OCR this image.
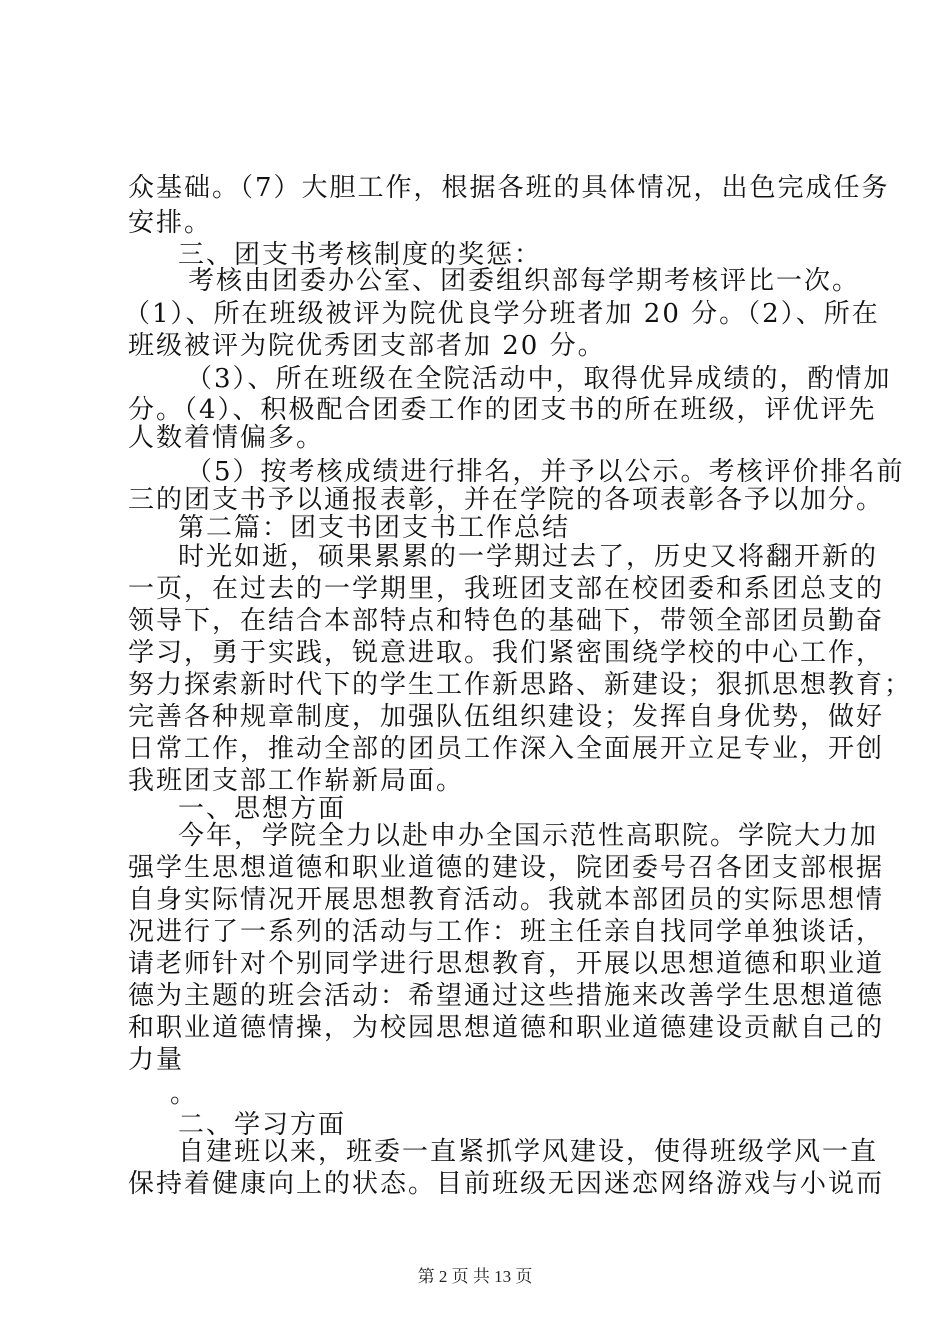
众基础。（7）大胆工作，根据各班的具体情况，出色完成任务
安排。
三、团支书考核制度的奖惩：
考核由团委办公室、团委组织部每学期考核评比一次。
（1）、所在班级被评为院优良学分班者加 20 分。（2）、所在
班级被评为院优秀团支部者加 20 分。
（3）、所在班级在全院活动中，取得优异成绩的，酌情加
分。（4）、积极配合团委工作的团支书的所在班级，评优评先
人数着情偏多。
（5）按考核成绩进行排名，并予以公示。考核评价排名前
三的团支书予以通报表彰，并在学院的各项表彰各予以加分。
第二篇：团支书团支书工作总结
时光如逝，硕果累累的一学期过去了，历史又将翻开新的
一页，在过去的一学期里，我班团支部在校团委和系团总支的
领导下，在结合本部特点和特色的基础下，带领全部团员勤奋
学习，勇于实践，锐意进取。我们紧密围绕学校的中心工作，
努力探索新时代下的学生工作新思路、新建设；狠抓思想教育；
完善各种规章制度，加强队伍组织建设；发挥自身优势，做好
日常工作，推动全部的团员工作深入全面展开立足专业，开创
我班团支部工作崭新局面。
一、思想方面
今年，学院全力以赴申办全国示范性高职院。学院大力加
强学生思想道德和职业道德的建设，院团委号召各团支部根据
自身实际情况开展思想教育活动。我就本部团员的实际思想情
况进行了一系列的活动与工作：班主任亲自找同学单独谈话，
请老师针对个别同学进行思想教育，开展以思想道德和职业道
德为主题的班会活动：希望通过这些措施来改善学生思想道德
和职业道德情操，为校园思想道德和职业道德建设贡献自己的
力量
。
二、学习方面
自建班以来，班委一直紧抓学风建设，使得班级学风一直
保持着健康向上的状态。目前班级无因迷恋网络游戏与小说而
第 2 页 共 13 页
